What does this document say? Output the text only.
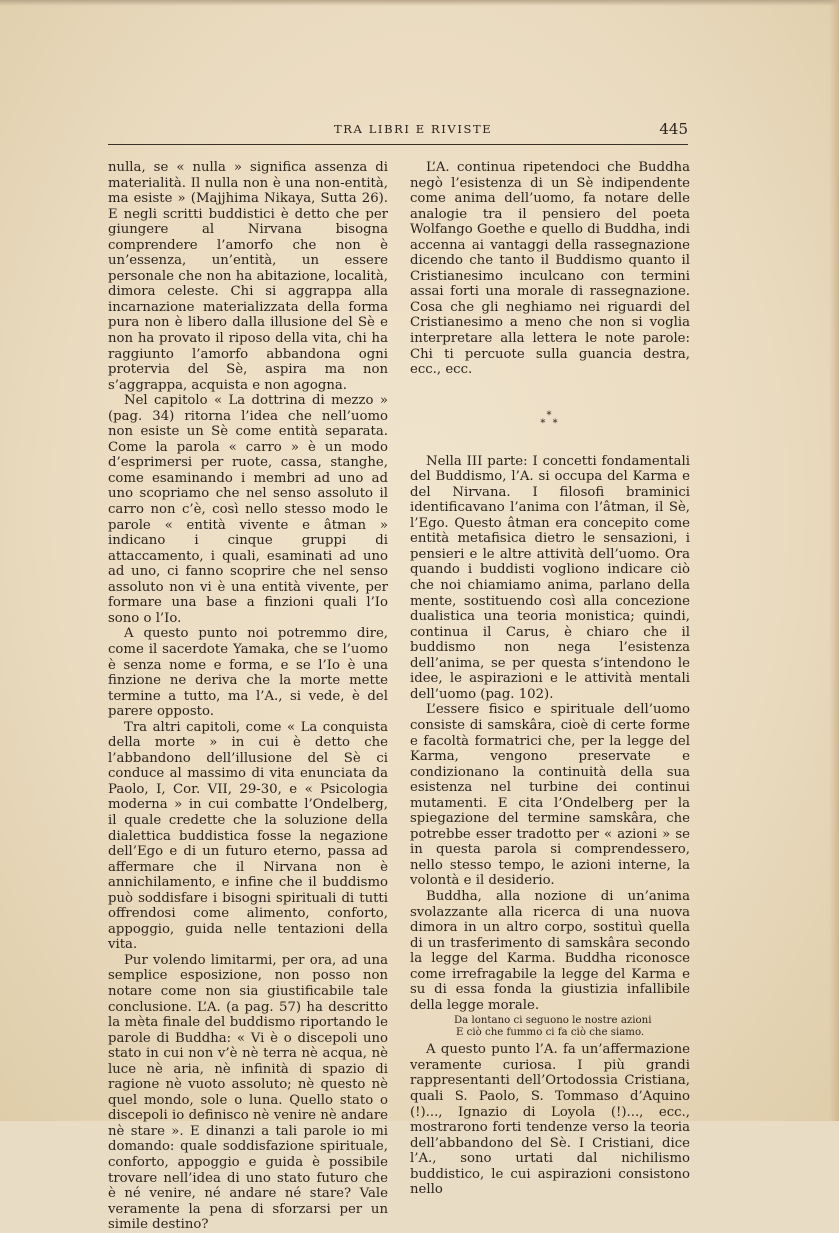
TRA LIBRI E RIVISTE	445

nulla, se « nulla » significa assenza di materialità. Il nulla non è una non-entità, ma esiste » (Majjhima Nikaya, Sutta 26). E negli scritti buddistici è detto che per giungere al Nirvana bisogna comprendere l’amorfo che non è un’essenza, un’entità, un essere personale che non ha abitazione, località, dimora celeste. Chi si aggrappa alla incarnazione materializzata della forma pura non è libero dalla illusione del Sè e non ha provato il riposo della vita, chi ha raggiunto l’amorfo abbandona ogni protervia del Sè, aspira ma non s’aggrappa, acquista e non agogna.

Nel capitolo « La dottrina di mezzo » (pag. 34) ritorna l’idea che nell’uomo non esiste un Sè come entità separata. Come la parola « carro » è un modo d’esprimersi per ruote, cassa, stanghe, come esaminando i membri ad uno ad uno scopriamo che nel senso assoluto il carro non c’è, così nello stesso modo le parole « entità vivente e âtman » indicano i cinque gruppi di attaccamento, i quali, esaminati ad uno ad uno, ci fanno scoprire che nel senso assoluto non vi è una entità vivente, per formare una base a finzioni quali l’Io sono o l’Io.

A questo punto noi potremmo dire, come il sacerdote Yamaka, che se l’uomo è senza nome e forma, e se l’Io è una finzione ne deriva che la morte mette termine a tutto, ma l’A., si vede, è del parere opposto.

Tra altri capitoli, come « La conquista della morte » in cui è detto che l’abbandono dell’illusione del Sè ci conduce al massimo di vita enunciata da Paolo, I, Cor. VII, 29-30, e « Psicologia moderna » in cui combatte l’Ondelberg, il quale credette che la soluzione della dialettica buddistica fosse la negazione dell’Ego e di un futuro eterno, passa ad affermare che il Nirvana non è annichilamento, e infine che il buddismo può soddisfare i bisogni spirituali di tutti offrendosi come alimento, conforto, appoggio, guida nelle tentazioni della vita.

Pur volendo limitarmi, per ora, ad una semplice esposizione, non posso non notare come non sia giustificabile tale conclusione. L’A. (a pag. 57) ha descritto la mèta finale del buddismo riportando le parole di Buddha: « Vi è o discepoli uno stato in cui non v’è nè terra nè acqua, nè luce nè aria, nè infinità di spazio di ragione nè vuoto assoluto; nè questo nè quel mondo, sole o luna. Quello stato o discepoli io definisco nè venire nè andare nè stare ». E dinanzi a tali parole io mi domando: quale soddisfazione spirituale, conforto, appoggio e guida è possibile trovare nell’idea di uno stato futuro che è né venire, né andare né stare? Vale veramente la pena di sforzarsi per un simile destino?

L’A. continua ripetendoci che Buddha negò l’esistenza di un Sè indipendente come anima dell’uomo, fa notare delle analogie tra il pensiero del poeta Wolfango Goethe e quello di Buddha, indi accenna ai vantaggi della rassegnazione dicendo che tanto il Buddismo quanto il Cristianesimo inculcano con termini assai forti una morale di rassegnazione. Cosa che gli neghiamo nei riguardi del Cristianesimo a meno che non si voglia interpretare alla lettera le note parole: Chi ti percuote sulla guancia destra, ecc., ecc.

*
* *

Nella III parte: I concetti fondamentali del Buddismo, l’A. si occupa del Karma e del Nirvana. I filosofi braminici identificavano l’anima con l’âtman, il Sè, l’Ego. Questo âtman era concepito come entità metafisica dietro le sensazioni, i pensieri e le altre attività dell’uomo. Ora quando i buddisti vogliono indicare ciò che noi chiamiamo anima, parlano della mente, sostituendo così alla concezione dualistica una teoria monistica; quindi, continua il Carus, è chiaro che il buddismo non nega l’esistenza dell’anima, se per questa s’intendono le idee, le aspirazioni e le attività mentali dell’uomo (pag. 102).

L’essere fisico e spirituale dell’uomo consiste di samskâra, cioè di certe forme e facoltà formatrici che, per la legge del Karma, vengono preservate e condizionano la continuità della sua esistenza nel turbine dei continui mutamenti. E cita l’Ondelberg per la spiegazione del termine samskâra, che potrebbe esser tradotto per « azioni » se in questa parola si comprendessero, nello stesso tempo, le azioni interne, la volontà e il desiderio.

Buddha, alla nozione di un’anima svolazzante alla ricerca di una nuova dimora in un altro corpo, sostituì quella di un trasferimento di samskâra secondo la legge del Karma. Buddha riconosce come irrefragabile la legge del Karma e su di essa fonda la giustizia infallibile della legge morale.

Da lontano ci seguono le nostre azioni
E ciò che fummo ci fa ciò che siamo.

A questo punto l’A. fa un’affermazione veramente curiosa. I più grandi rappresentanti dell’Ortodossia Cristiana, quali S. Paolo, S. Tommaso d’Aquino (!)..., Ignazio di Loyola (!)..., ecc., mostrarono forti tendenze verso la teoria dell’abbandono del Sè. I Cristiani, dice l’A., sono urtati dal nichilismo buddistico, le cui aspirazioni consistono nello
